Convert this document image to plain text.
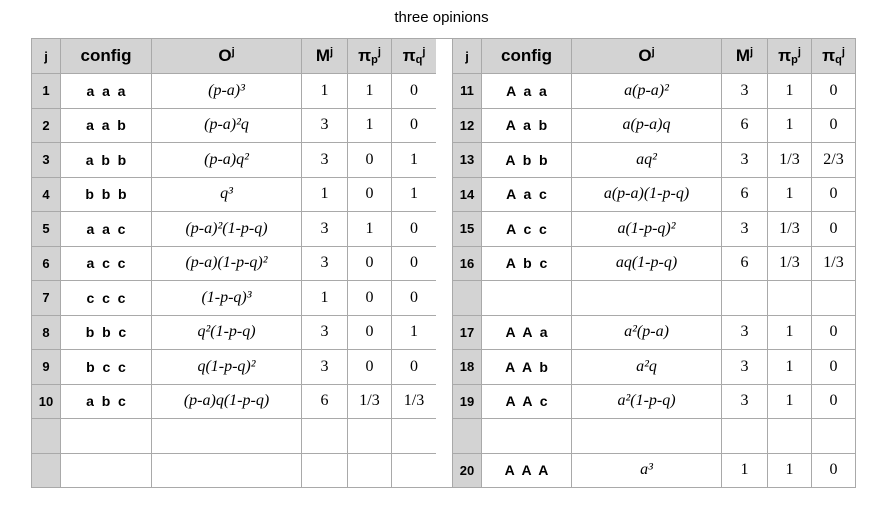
three opinions
j	config	$O^j$	$M^j$	$\pi p^j$	$\pi q^j$
1	a  a  a	(p-a)³	1	1	0
2	a  a  b	(p-a)²q	3	1	0
3	a  b  b	(p-a)q²	3	0	1
4	b  b  b	q³	1	0	1
5	a  a  c	(p-a)²(1-p-q)	3	1	0
6	a  c  c	(p-a)(1-p-q)²	3	0	0
7	c  c  c	(1-p-q)³	1	0	0
8	b  b  c	q²(1-p-q)	3	0	1
9	b  c  c	q(1-p-q)²	3	0	0
10	a  b  c	(p-a)q(1-p-q)	6	1/3	1/3

j	config	$O^j$	$M^j$	$\pi p^j$	$\pi q^j$
11	A  a  a	a(p-a)²	3	1	0
12	A  a  b	a(p-a)q	6	1	0
13	A  b  b	aq²	3	1/3	2/3
14	A  a  c	a(p-a)(1-p-q)	6	1	0
15	A  c  c	a(1-p-q)²	3	1/3	0
16	A  b  c	aq(1-p-q)	6	1/3	1/3

17	A  A  a	a²(p-a)	3	1	0
18	A  A  b	a²q	3	1	0
19	A  A  c	a²(1-p-q)	3	1	0

20	A  A  A	a³	1	1	0
